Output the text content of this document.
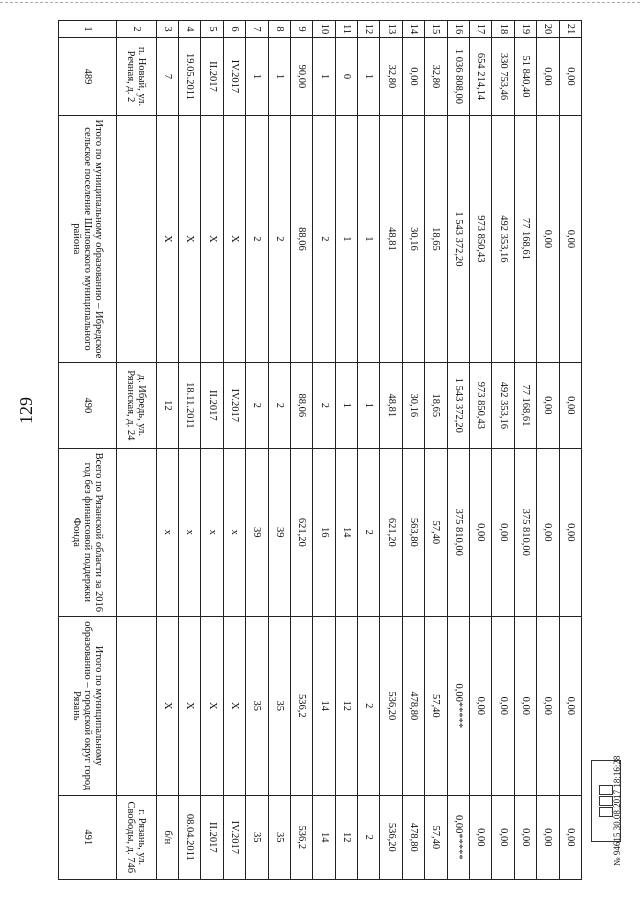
129
№ 94615 30.08.2017 18:16:28
21	0,00	0,00	0,00	0,00	0,00	0,00
20	0,00	0,00	0,00	0,00	0,00	0,00
19	51 840,40	77 168,61	77 168,61	375 810,00	0,00	0,00
18	330 753,46	492 353,16	492 353,16	0,00	0,00	0,00
17	654 214,14	973 850,43	973 850,43	0,00	0,00	0,00
16	1 036 808,00	1 543 372,20	1 543 372,20	375 810,00	0,00*****	0,00*****
15	32,80	18,65	18,65	57,40	57,40	57,40
14	0,00	30,16	30,16	563,80	478,80	478,80
13	32,80	48,81	48,81	621,20	536,20	536,20
12	1	1	1	2	2	2
11	0	1	1	14	12	12
10	1	2	2	16	14	14
9	90,00	88,06	88,06	621,20	536,2	536,2
8	1	2	2	39	35	35
7	1	2	2	39	35	35
6	IV.2017	X	IV.2017	x	X	IV.2017
5	II.2017	X	II.2017	x	X	II.2017
4	19.05.2011	X	18.11.2011	x	X	08.04.2011
3	7	X	12	x	X	б/н
2	п. Новый, ул. Речная, д. 2		д. Ибредь, ул. Рязанская, д. 24			г. Рязань, ул. Свободы, д. 74б
1	489	Итого по муниципальному образованию – Ибредское сельское поселение Шиловского муниципального района	490	Всего по Рязанской области за 2016 год без финансовой поддержки Фонда	Итого по муниципальному образованию – городской округ город Рязань	491
